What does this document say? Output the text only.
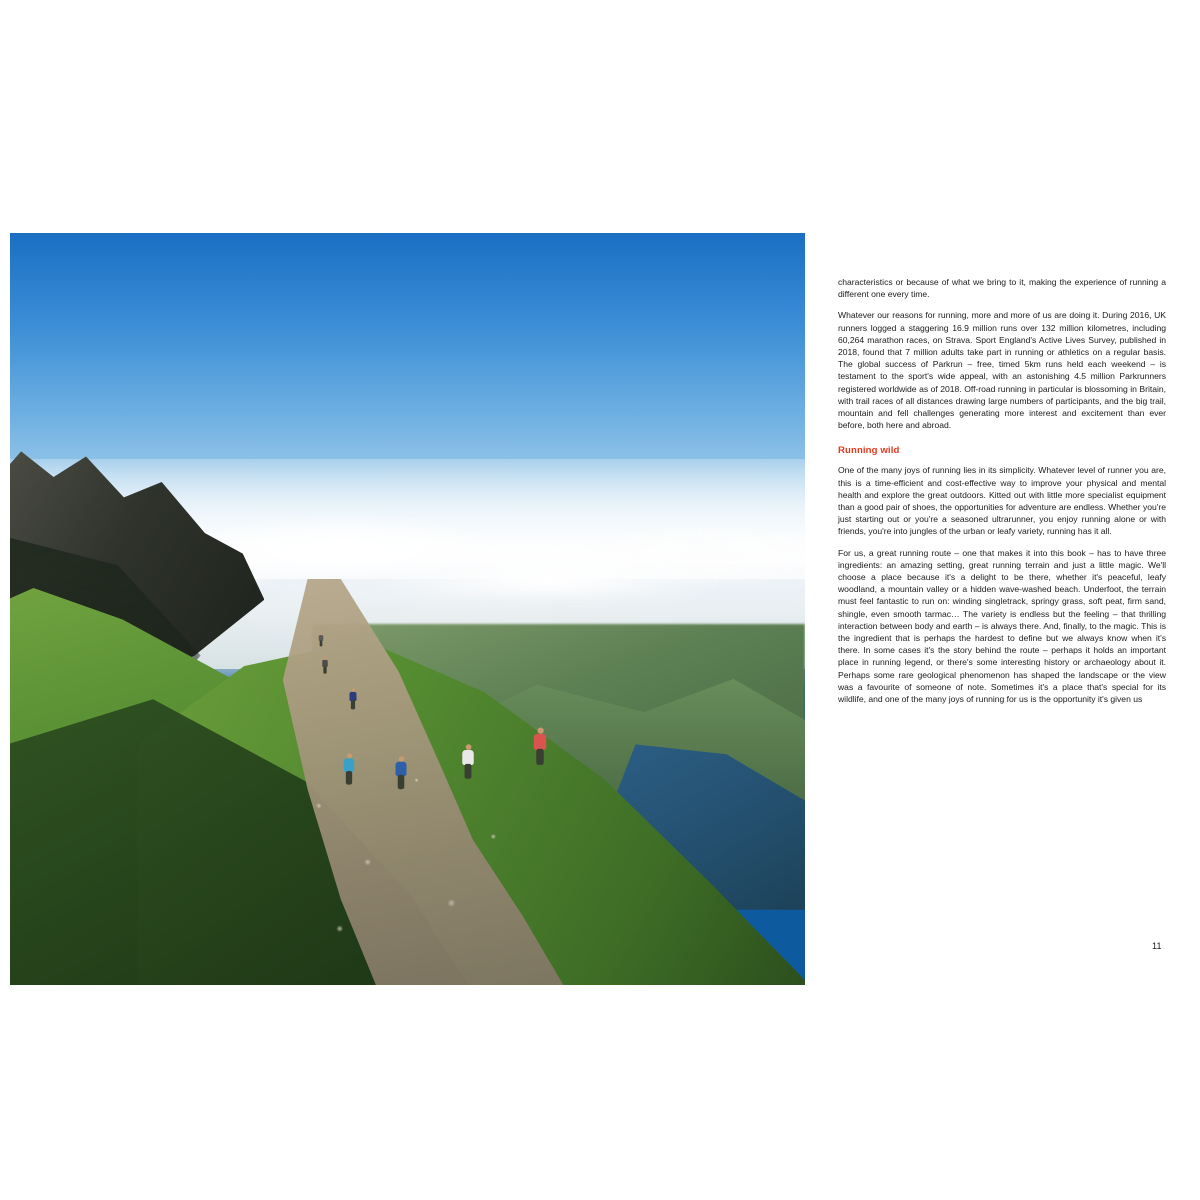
characteristics or because of what we bring to it, making the experience of running a different one every time.

Whatever our reasons for running, more and more of us are doing it. During 2016, UK runners logged a staggering 16.9 million runs over 132 million kilometres, including 60,264 marathon races, on Strava. Sport England's Active Lives Survey, published in 2018, found that 7 million adults take part in running or athletics on a regular basis. The global success of Parkrun – free, timed 5km runs held each weekend – is testament to the sport's wide appeal, with an astonishing 4.5 million Parkrunners registered worldwide as of 2018. Off-road running in particular is blossoming in Britain, with trail races of all distances drawing large numbers of participants, and the big trail, mountain and fell challenges generating more interest and excitement than ever before, both here and abroad.

Running wild

One of the many joys of running lies in its simplicity. Whatever level of runner you are, this is a time-efficient and cost-effective way to improve your physical and mental health and explore the great outdoors. Kitted out with little more specialist equipment than a good pair of shoes, the opportunities for adventure are endless. Whether you're just starting out or you're a seasoned ultrarunner, you enjoy running alone or with friends, you're into jungles of the urban or leafy variety, running has it all.

For us, a great running route – one that makes it into this book – has to have three ingredients: an amazing setting, great running terrain and just a little magic. We'll choose a place because it's a delight to be there, whether it's peaceful, leafy woodland, a mountain valley or a hidden wave-washed beach. Underfoot, the terrain must feel fantastic to run on: winding singletrack, springy grass, soft peat, firm sand, shingle, even smooth tarmac… The variety is endless but the feeling – that thrilling interaction between body and earth – is always there. And, finally, to the magic. This is the ingredient that is perhaps the hardest to define but we always know when it's there. In some cases it's the story behind the route – perhaps it holds an important place in running legend, or there's some interesting history or archaeology about it. Perhaps some rare geological phenomenon has shaped the landscape or the view was a favourite of someone of note. Sometimes it's a place that's special for its wildlife, and one of the many joys of running for us is the opportunity it's given us

11
